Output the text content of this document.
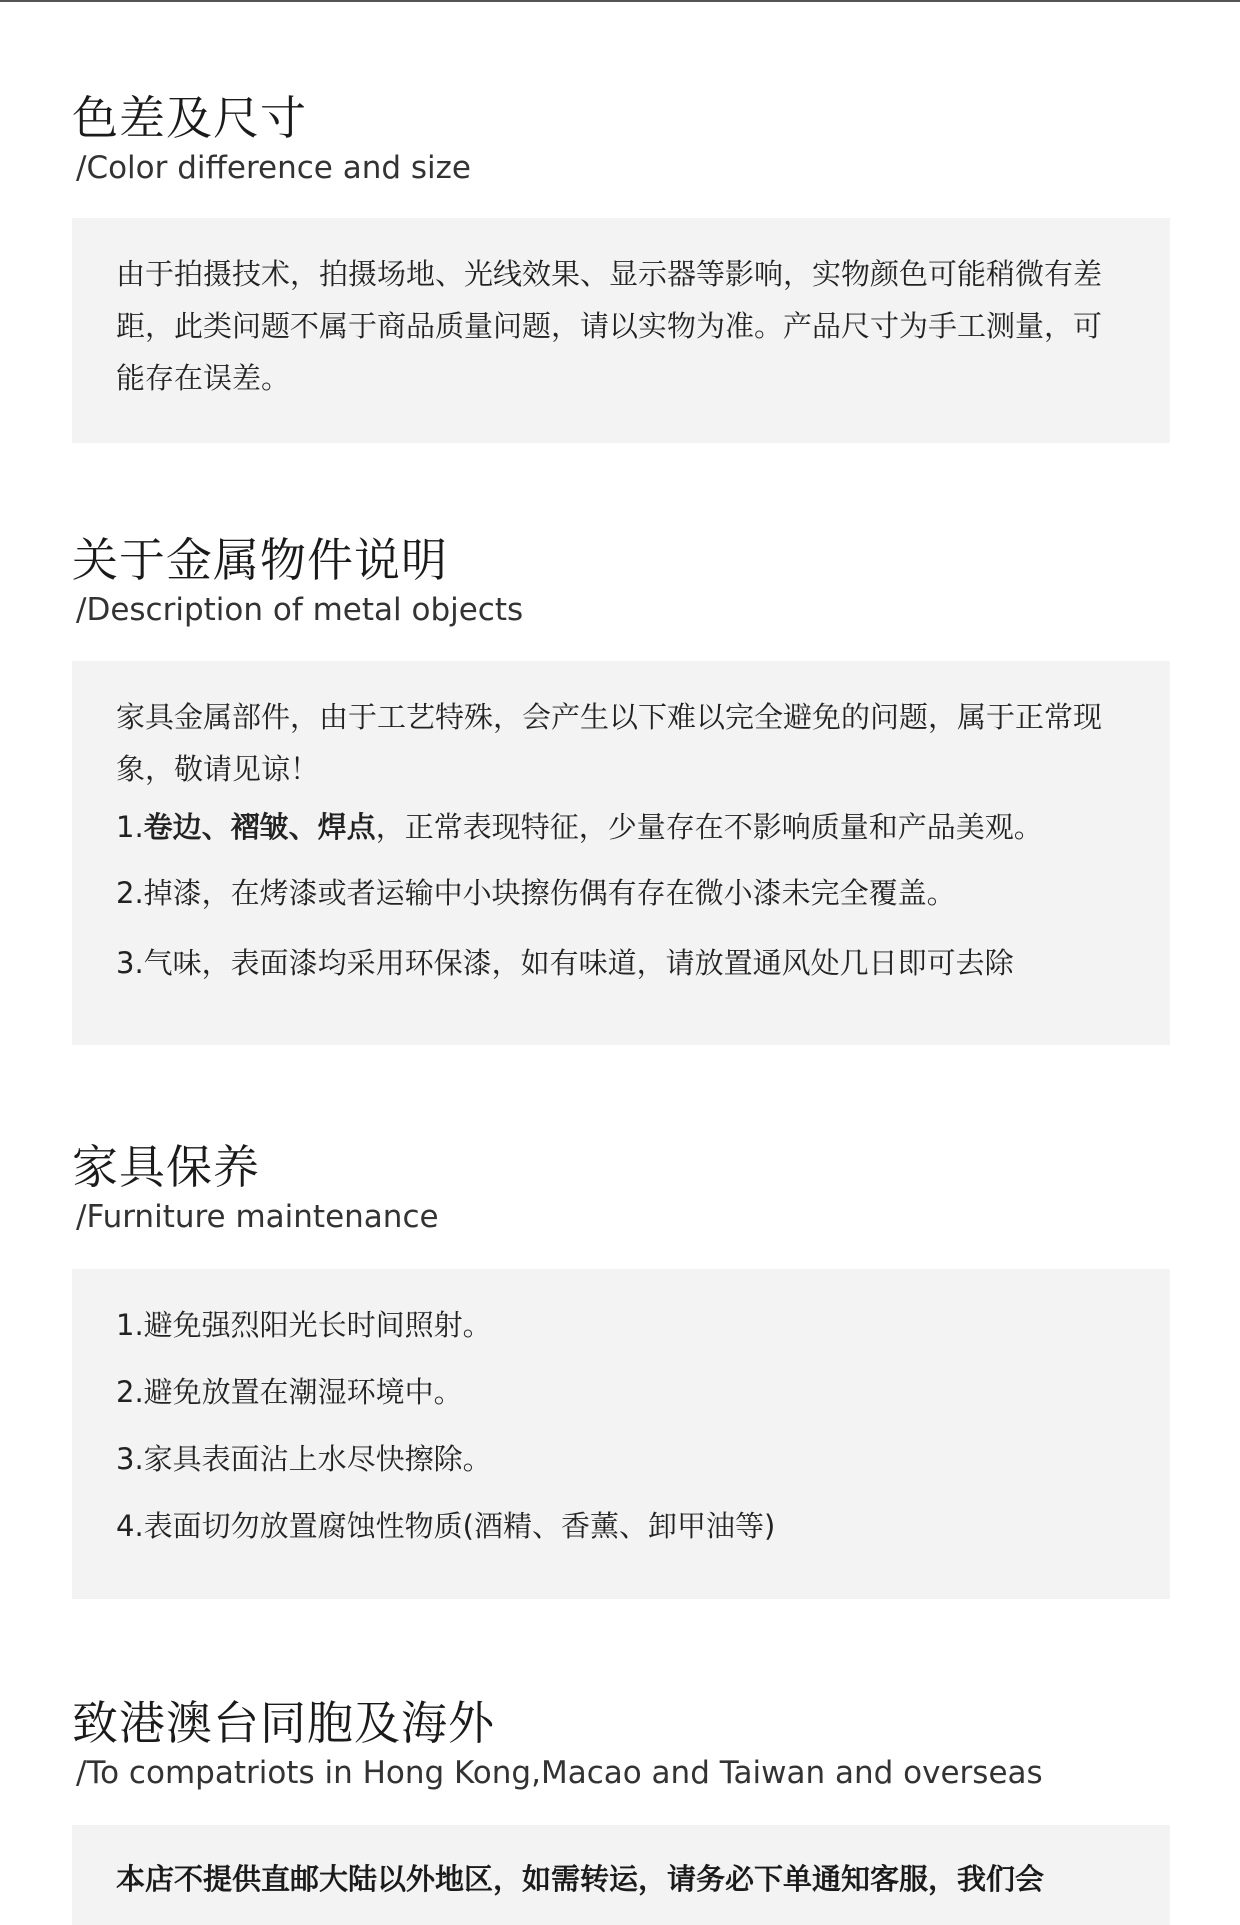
色差及尺寸
/Color difference and size

由于拍摄技术，拍摄场地、光线效果、显示器等影响，实物颜色可能稍微有差距，此类问题不属于商品质量问题，请以实物为准。产品尺寸为手工测量，可能存在误差。

关于金属物件说明
/Description of metal objects

家具金属部件，由于工艺特殊，会产生以下难以完全避免的问题，属于正常现象，敬请见谅！

1.卷边、褶皱、焊点，正常表现特征，少量存在不影响质量和产品美观。

2.掉漆，在烤漆或者运输中小块擦伤偶有存在微小漆未完全覆盖。

3.气味，表面漆均采用环保漆，如有味道，请放置通风处几日即可去除

家具保养
/Furniture maintenance

1.避免强烈阳光长时间照射。

2.避免放置在潮湿环境中。

3.家具表面沾上水尽快擦除。

4.表面切勿放置腐蚀性物质(酒精、香薰、卸甲油等)

致港澳台同胞及海外
/To compatriots in Hong Kong,Macao and Taiwan and overseas

本店不提供直邮大陆以外地区，如需转运，请务必下单通知客服，我们会
